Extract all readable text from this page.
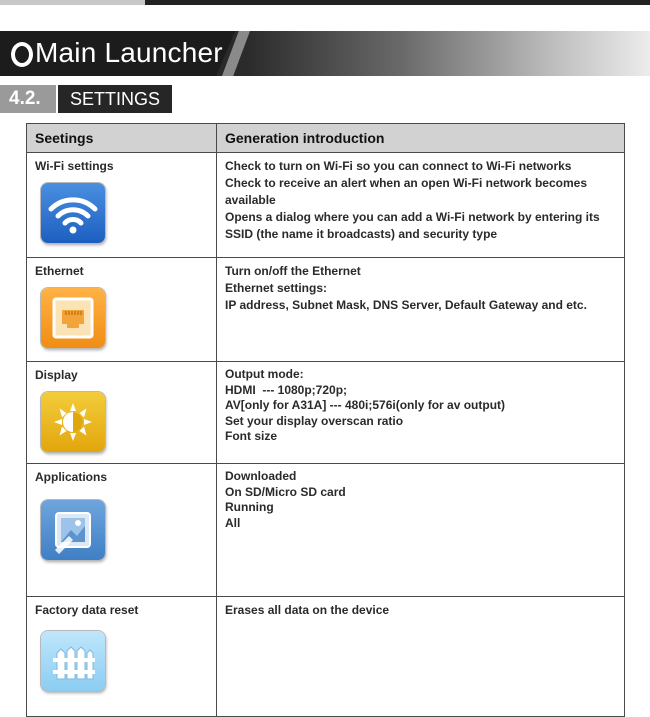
Main Launcher
4.2.	SETTINGS
Seetings	Generation introduction

Wi-Fi settings	Check to turn on Wi-Fi so you can connect to Wi-Fi networks
Check to receive an alert when an open Wi-Fi network becomes
available
Opens a dialog where you can add a Wi-Fi network by entering its
SSID (the name it broadcasts) and security type

Ethernet	Turn on/off the Ethernet
Ethernet settings:
IP address, Subnet Mask, DNS Server, Default Gateway and etc.

Display	Output mode:
HDMI  --- 1080p;720p;
AV[only for A31A] --- 480i;576i(only for av output)
Set your display overscan ratio
Font size

Applications	Downloaded
On SD/Micro SD card
Running
All

Factory data reset	Erases all data on the device
